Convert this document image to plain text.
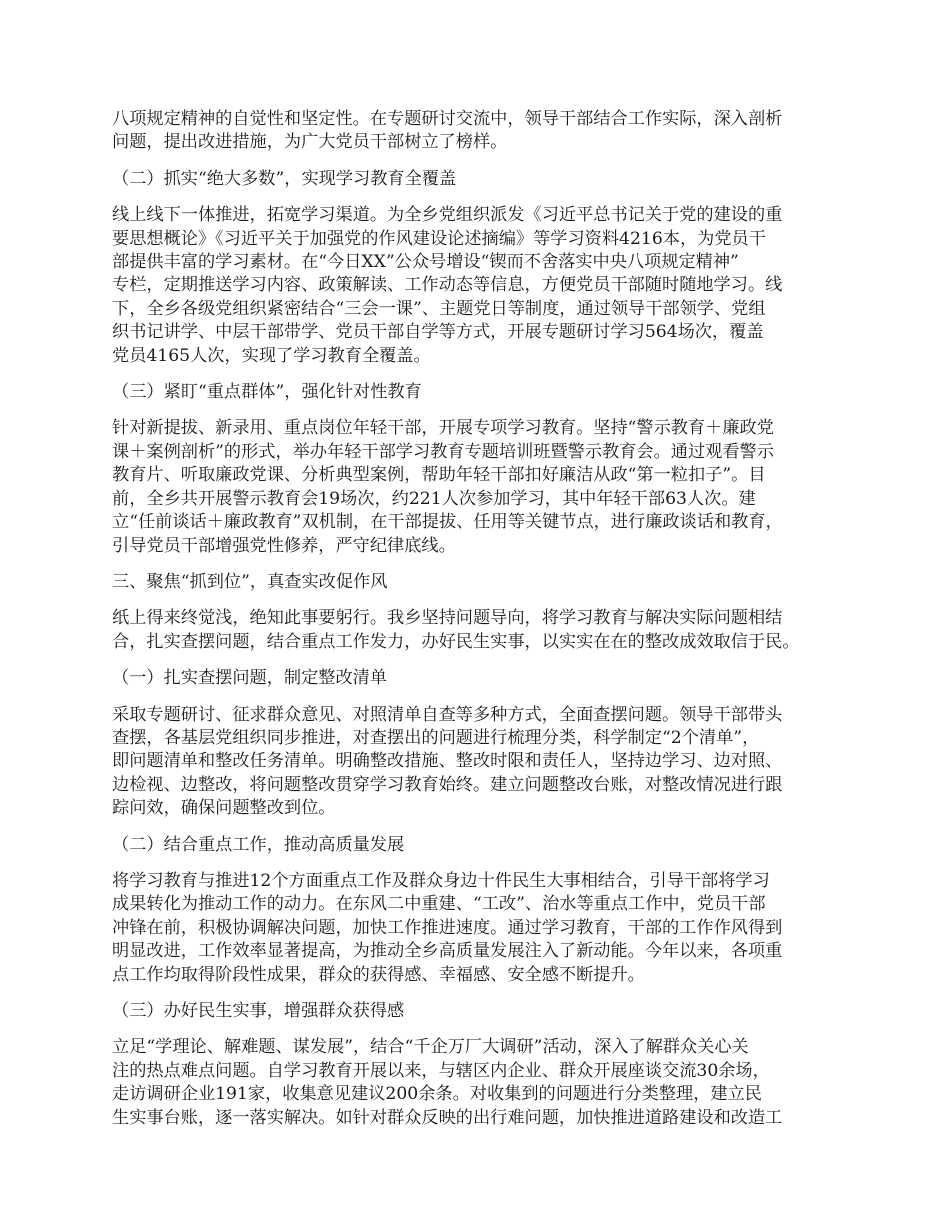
八项规定精神的自觉性和坚定性。在专题研讨交流中，领导干部结合工作实际，深入剖析
问题，提出改进措施，为广大党员干部树立了榜样。

（二）抓实“绝大多数”，实现学习教育全覆盖

线上线下一体推进，拓宽学习渠道。为全乡党组织派发《习近平总书记关于党的建设的重
要思想概论》《习近平关于加强党的作风建设论述摘编》等学习资料4216本，为党员干
部提供丰富的学习素材。在“今日XX”公众号增设“锲而不舍落实中央八项规定精神”
专栏，定期推送学习内容、政策解读、工作动态等信息，方便党员干部随时随地学习。线
下，全乡各级党组织紧密结合“三会一课”、主题党日等制度，通过领导干部领学、党组
织书记讲学、中层干部带学、党员干部自学等方式，开展专题研讨学习564场次，覆盖
党员4165人次，实现了学习教育全覆盖。

（三）紧盯“重点群体”，强化针对性教育

针对新提拔、新录用、重点岗位年轻干部，开展专项学习教育。坚持“警示教育＋廉政党
课＋案例剖析”的形式，举办年轻干部学习教育专题培训班暨警示教育会。通过观看警示
教育片、听取廉政党课、分析典型案例，帮助年轻干部扣好廉洁从政“第一粒扣子”。目
前，全乡共开展警示教育会19场次，约221人次参加学习，其中年轻干部63人次。建
立“任前谈话＋廉政教育”双机制，在干部提拔、任用等关键节点，进行廉政谈话和教育，
引导党员干部增强党性修养，严守纪律底线。

三、聚焦“抓到位”，真查实改促作风

纸上得来终觉浅，绝知此事要躬行。我乡坚持问题导向，将学习教育与解决实际问题相结
合，扎实查摆问题，结合重点工作发力，办好民生实事，以实实在在的整改成效取信于民。

（一）扎实查摆问题，制定整改清单

采取专题研讨、征求群众意见、对照清单自查等多种方式，全面查摆问题。领导干部带头
查摆，各基层党组织同步推进，对查摆出的问题进行梳理分类，科学制定“2个清单”，
即问题清单和整改任务清单。明确整改措施、整改时限和责任人，坚持边学习、边对照、
边检视、边整改，将问题整改贯穿学习教育始终。建立问题整改台账，对整改情况进行跟
踪问效，确保问题整改到位。

（二）结合重点工作，推动高质量发展

将学习教育与推进12个方面重点工作及群众身边十件民生大事相结合，引导干部将学习
成果转化为推动工作的动力。在东风二中重建、“工改”、治水等重点工作中，党员干部
冲锋在前，积极协调解决问题，加快工作推进速度。通过学习教育，干部的工作作风得到
明显改进，工作效率显著提高，为推动全乡高质量发展注入了新动能。今年以来，各项重
点工作均取得阶段性成果，群众的获得感、幸福感、安全感不断提升。

（三）办好民生实事，增强群众获得感

立足“学理论、解难题、谋发展”，结合“千企万厂大调研”活动，深入了解群众关心关
注的热点难点问题。自学习教育开展以来，与辖区内企业、群众开展座谈交流30余场，
走访调研企业191家，收集意见建议200余条。对收集到的问题进行分类整理，建立民
生实事台账，逐一落实解决。如针对群众反映的出行难问题，加快推进道路建设和改造工
